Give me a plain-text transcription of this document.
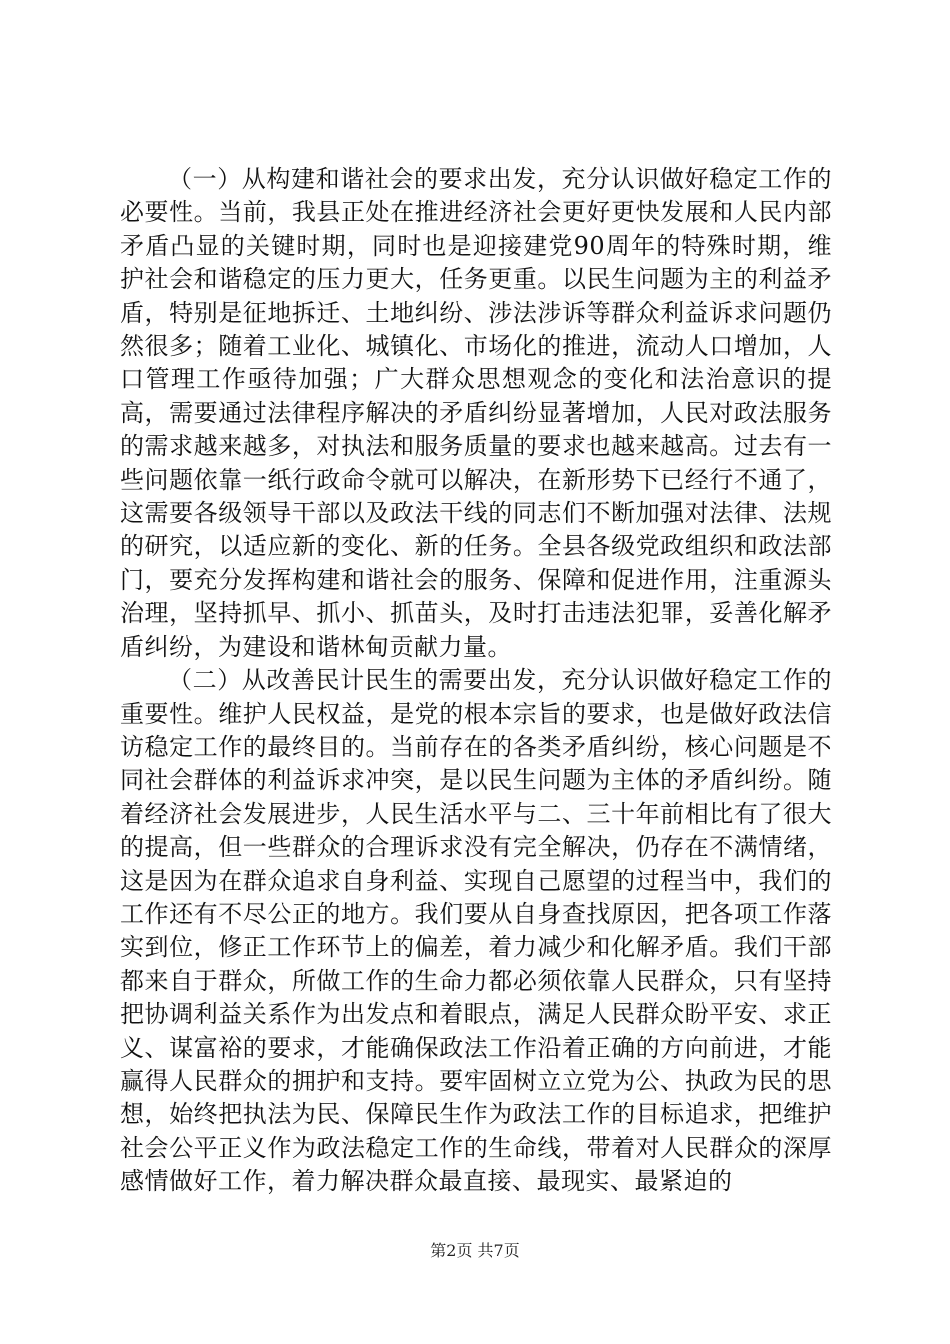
（一）从构建和谐社会的要求出发，充分认识做好稳定工作的必要性。当前，我县正处在推进经济社会更好更快发展和人民内部矛盾凸显的关键时期，同时也是迎接建党90周年的特殊时期，维护社会和谐稳定的压力更大，任务更重。以民生问题为主的利益矛盾，特别是征地拆迁、土地纠纷、涉法涉诉等群众利益诉求问题仍然很多；随着工业化、城镇化、市场化的推进，流动人口增加，人口管理工作亟待加强；广大群众思想观念的变化和法治意识的提高，需要通过法律程序解决的矛盾纠纷显著增加，人民对政法服务的需求越来越多，对执法和服务质量的要求也越来越高。过去有一些问题依靠一纸行政命令就可以解决，在新形势下已经行不通了，这需要各级领导干部以及政法干线的同志们不断加强对法律、法规的研究，以适应新的变化、新的任务。全县各级党政组织和政法部门，要充分发挥构建和谐社会的服务、保障和促进作用，注重源头治理，坚持抓早、抓小、抓苗头，及时打击违法犯罪，妥善化解矛盾纠纷，为建设和谐林甸贡献力量。

（二）从改善民计民生的需要出发，充分认识做好稳定工作的重要性。维护人民权益，是党的根本宗旨的要求，也是做好政法信访稳定工作的最终目的。当前存在的各类矛盾纠纷，核心问题是不同社会群体的利益诉求冲突，是以民生问题为主体的矛盾纠纷。随着经济社会发展进步，人民生活水平与二、三十年前相比有了很大的提高，但一些群众的合理诉求没有完全解决，仍存在不满情绪，这是因为在群众追求自身利益、实现自己愿望的过程当中，我们的工作还有不尽公正的地方。我们要从自身查找原因，把各项工作落实到位，修正工作环节上的偏差，着力减少和化解矛盾。我们干部都来自于群众，所做工作的生命力都必须依靠人民群众，只有坚持把协调利益关系作为出发点和着眼点，满足人民群众盼平安、求正义、谋富裕的要求，才能确保政法工作沿着正确的方向前进，才能赢得人民群众的拥护和支持。要牢固树立立党为公、执政为民的思想，始终把执法为民、保障民生作为政法工作的目标追求，把维护社会公平正义作为政法稳定工作的生命线，带着对人民群众的深厚感情做好工作，着力解决群众最直接、最现实、最紧迫的

第2页 共7页
